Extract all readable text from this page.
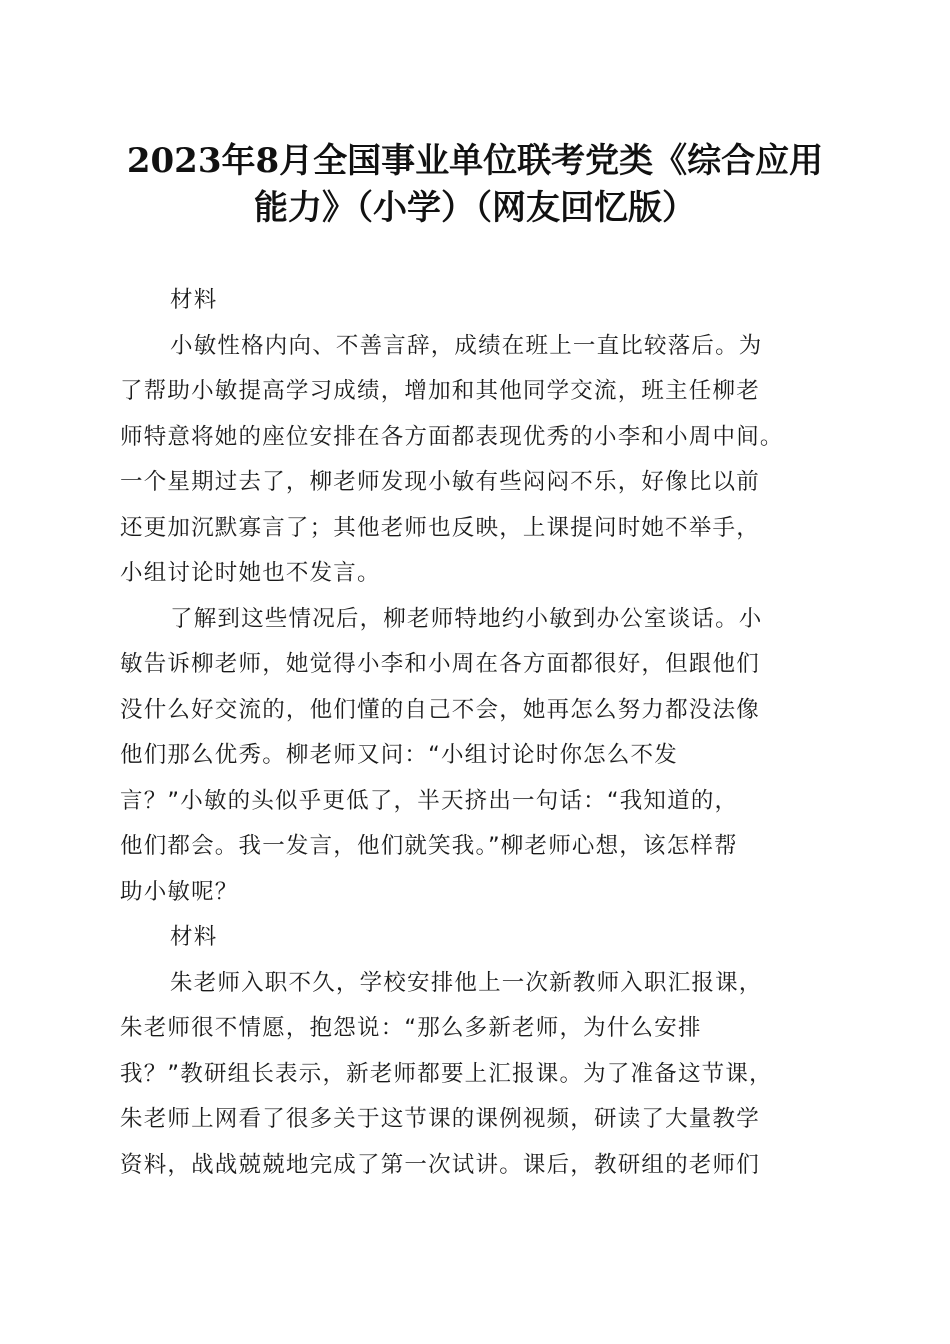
2023年8月全国事业单位联考党类《综合应用
能力》（小学）（网友回忆版）
材料
小敏性格内向、不善言辞，成绩在班上一直比较落后。为
了帮助小敏提高学习成绩，增加和其他同学交流，班主任柳老
师特意将她的座位安排在各方面都表现优秀的小李和小周中间。
一个星期过去了，柳老师发现小敏有些闷闷不乐，好像比以前
还更加沉默寡言了；其他老师也反映，上课提问时她不举手，
小组讨论时她也不发言。
了解到这些情况后，柳老师特地约小敏到办公室谈话。小
敏告诉柳老师，她觉得小李和小周在各方面都很好，但跟他们
没什么好交流的，他们懂的自己不会，她再怎么努力都没法像
他们那么优秀。柳老师又问：“小组讨论时你怎么不发
言？”小敏的头似乎更低了，半天挤出一句话：“我知道的，
他们都会。我一发言，他们就笑我。”柳老师心想，该怎样帮
助小敏呢？
材料
朱老师入职不久，学校安排他上一次新教师入职汇报课，
朱老师很不情愿，抱怨说：“那么多新老师，为什么安排
我？”教研组长表示，新老师都要上汇报课。为了准备这节课，
朱老师上网看了很多关于这节课的课例视频，研读了大量教学
资料，战战兢兢地完成了第一次试讲。课后，教研组的老师们
